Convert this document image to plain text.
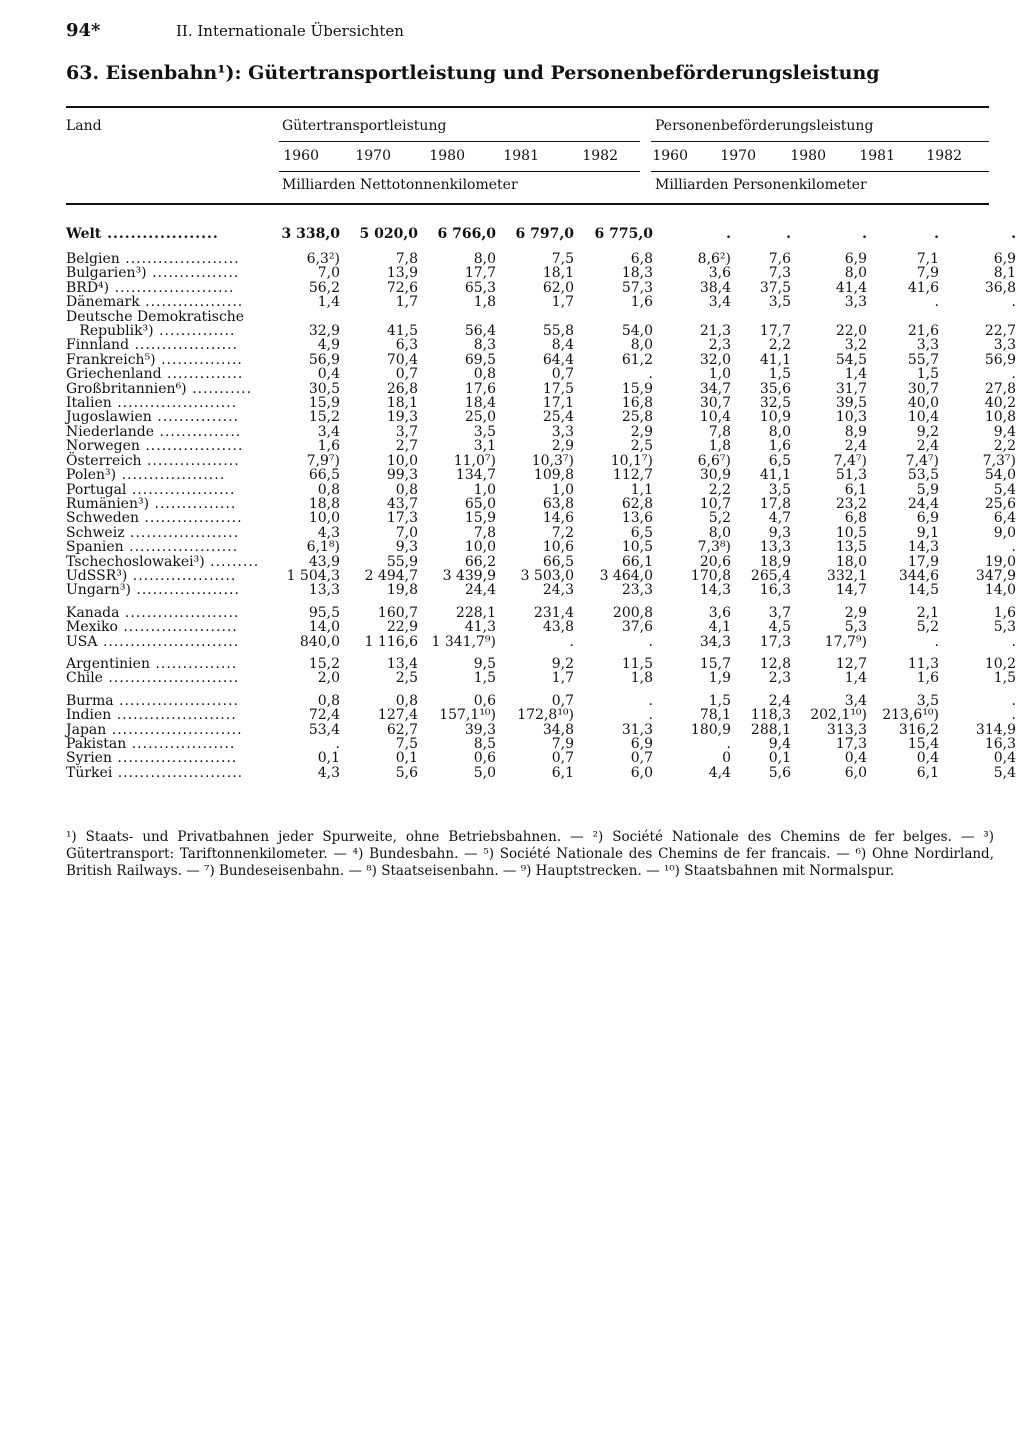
94*	II. Internationale Übersichten
63. Eisenbahn¹): Gütertransportleistung und Personenbeförderungsleistung
Land	Gütertransportleistung	Personenbeförderungsleistung
1960	1970	1980	1981	1982	1960	1970	1980	1981	1982
Milliarden Nettotonnenkilometer	Milliarden Personenkilometer
Welt ...................	3 338,0	5 020,0	6 766,0	6 797,0	6 775,0	.	.	.	.	.
Belgien .....................	6,3²)	7,8	8,0	7,5	6,8	8,6²)	7,6	6,9	7,1	6,9
Bulgarien³) ................	7,0	13,9	17,7	18,1	18,3	3,6	7,3	8,0	7,9	8,1
BRD⁴) ......................	56,2	72,6	65,3	62,0	57,3	38,4	37,5	41,4	41,6	36,8
Dänemark ..................	1,4	1,7	1,8	1,7	1,6	3,4	3,5	3,3	.	.
Deutsche Demokratische										
Republik³) ..............	32,9	41,5	56,4	55,8	54,0	21,3	17,7	22,0	21,6	22,7
Finnland ...................	4,9	6,3	8,3	8,4	8,0	2,3	2,2	3,2	3,3	3,3
Frankreich⁵) ...............	56,9	70,4	69,5	64,4	61,2	32,0	41,1	54,5	55,7	56,9
Griechenland ..............	0,4	0,7	0,8	0,7	.	1,0	1,5	1,4	1,5	.
Großbritannien⁶) ...........	30,5	26,8	17,6	17,5	15,9	34,7	35,6	31,7	30,7	27,8
Italien ......................	15,9	18,1	18,4	17,1	16,8	30,7	32,5	39,5	40,0	40,2
Jugoslawien ...............	15,2	19,3	25,0	25,4	25,8	10,4	10,9	10,3	10,4	10,8
Niederlande ...............	3,4	3,7	3,5	3,3	2,9	7,8	8,0	8,9	9,2	9,4
Norwegen ..................	1,6	2,7	3,1	2,9	2,5	1,8	1,6	2,4	2,4	2,2
Österreich .................	7,9⁷)	10,0	11,0⁷)	10,3⁷)	10,1⁷)	6,6⁷)	6,5	7,4⁷)	7,4⁷)	7,3⁷)
Polen³) ...................	66,5	99,3	134,7	109,8	112,7	30,9	41,1	51,3	53,5	54,0
Portugal ...................	0,8	0,8	1,0	1,0	1,1	2,2	3,5	6,1	5,9	5,4
Rumänien³) ...............	18,8	43,7	65,0	63,8	62,8	10,7	17,8	23,2	24,4	25,6
Schweden ..................	10,0	17,3	15,9	14,6	13,6	5,2	4,7	6,8	6,9	6,4
Schweiz ....................	4,3	7,0	7,8	7,2	6,5	8,0	9,3	10,5	9,1	9,0
Spanien ....................	6,1⁸)	9,3	10,0	10,6	10,5	7,3⁸)	13,3	13,5	14,3	.
Tschechoslowakei³) .........	43,9	55,9	66,2	66,5	66,1	20,6	18,9	18,0	17,9	19,0
UdSSR³) ...................	1 504,3	2 494,7	3 439,9	3 503,0	3 464,0	170,8	265,4	332,1	344,6	347,9
Ungarn³) ...................	13,3	19,8	24,4	24,3	23,3	14,3	16,3	14,7	14,5	14,0

Kanada .....................	95,5	160,7	228,1	231,4	200,8	3,6	3,7	2,9	2,1	1,6
Mexiko .....................	14,0	22,9	41,3	43,8	37,6	4,1	4,5	5,3	5,2	5,3
USA .........................	840,0	1 116,6	1 341,7⁹)	.	.	34,3	17,3	17,7⁹)	.	.

Argentinien ...............	15,2	13,4	9,5	9,2	11,5	15,7	12,8	12,7	11,3	10,2
Chile ........................	2,0	2,5	1,5	1,7	1,8	1,9	2,3	1,4	1,6	1,5

Burma ......................	0,8	0,8	0,6	0,7	.	1,5	2,4	3,4	3,5	.
Indien ......................	72,4	127,4	157,1¹⁰)	172,8¹⁰)	.	78,1	118,3	202,1¹⁰)	213,6¹⁰)	.
Japan ........................	53,4	62,7	39,3	34,8	31,3	180,9	288,1	313,3	316,2	314,9
Pakistan ...................	.	7,5	8,5	7,9	6,9	.	9,4	17,3	15,4	16,3
Syrien ......................	0,1	0,1	0,6	0,7	0,7	0	0,1	0,4	0,4	0,4
Türkei .......................	4,3	5,6	5,0	6,1	6,0	4,4	5,6	6,0	6,1	5,4
¹) Staats- und Privatbahnen jeder Spurweite, ohne Betriebsbahnen. — ²) Société Nationale des Chemins de fer belges. — ³) Gütertransport: Tariftonnenkilometer. — ⁴) Bundesbahn. — ⁵) Société Nationale des Chemins de fer francais. — ⁶) Ohne Nordirland, British Railways. — ⁷) Bundeseisenbahn. — ⁸) Staatseisenbahn. — ⁹) Hauptstrecken. — ¹⁰) Staatsbahnen mit Normalspur.
